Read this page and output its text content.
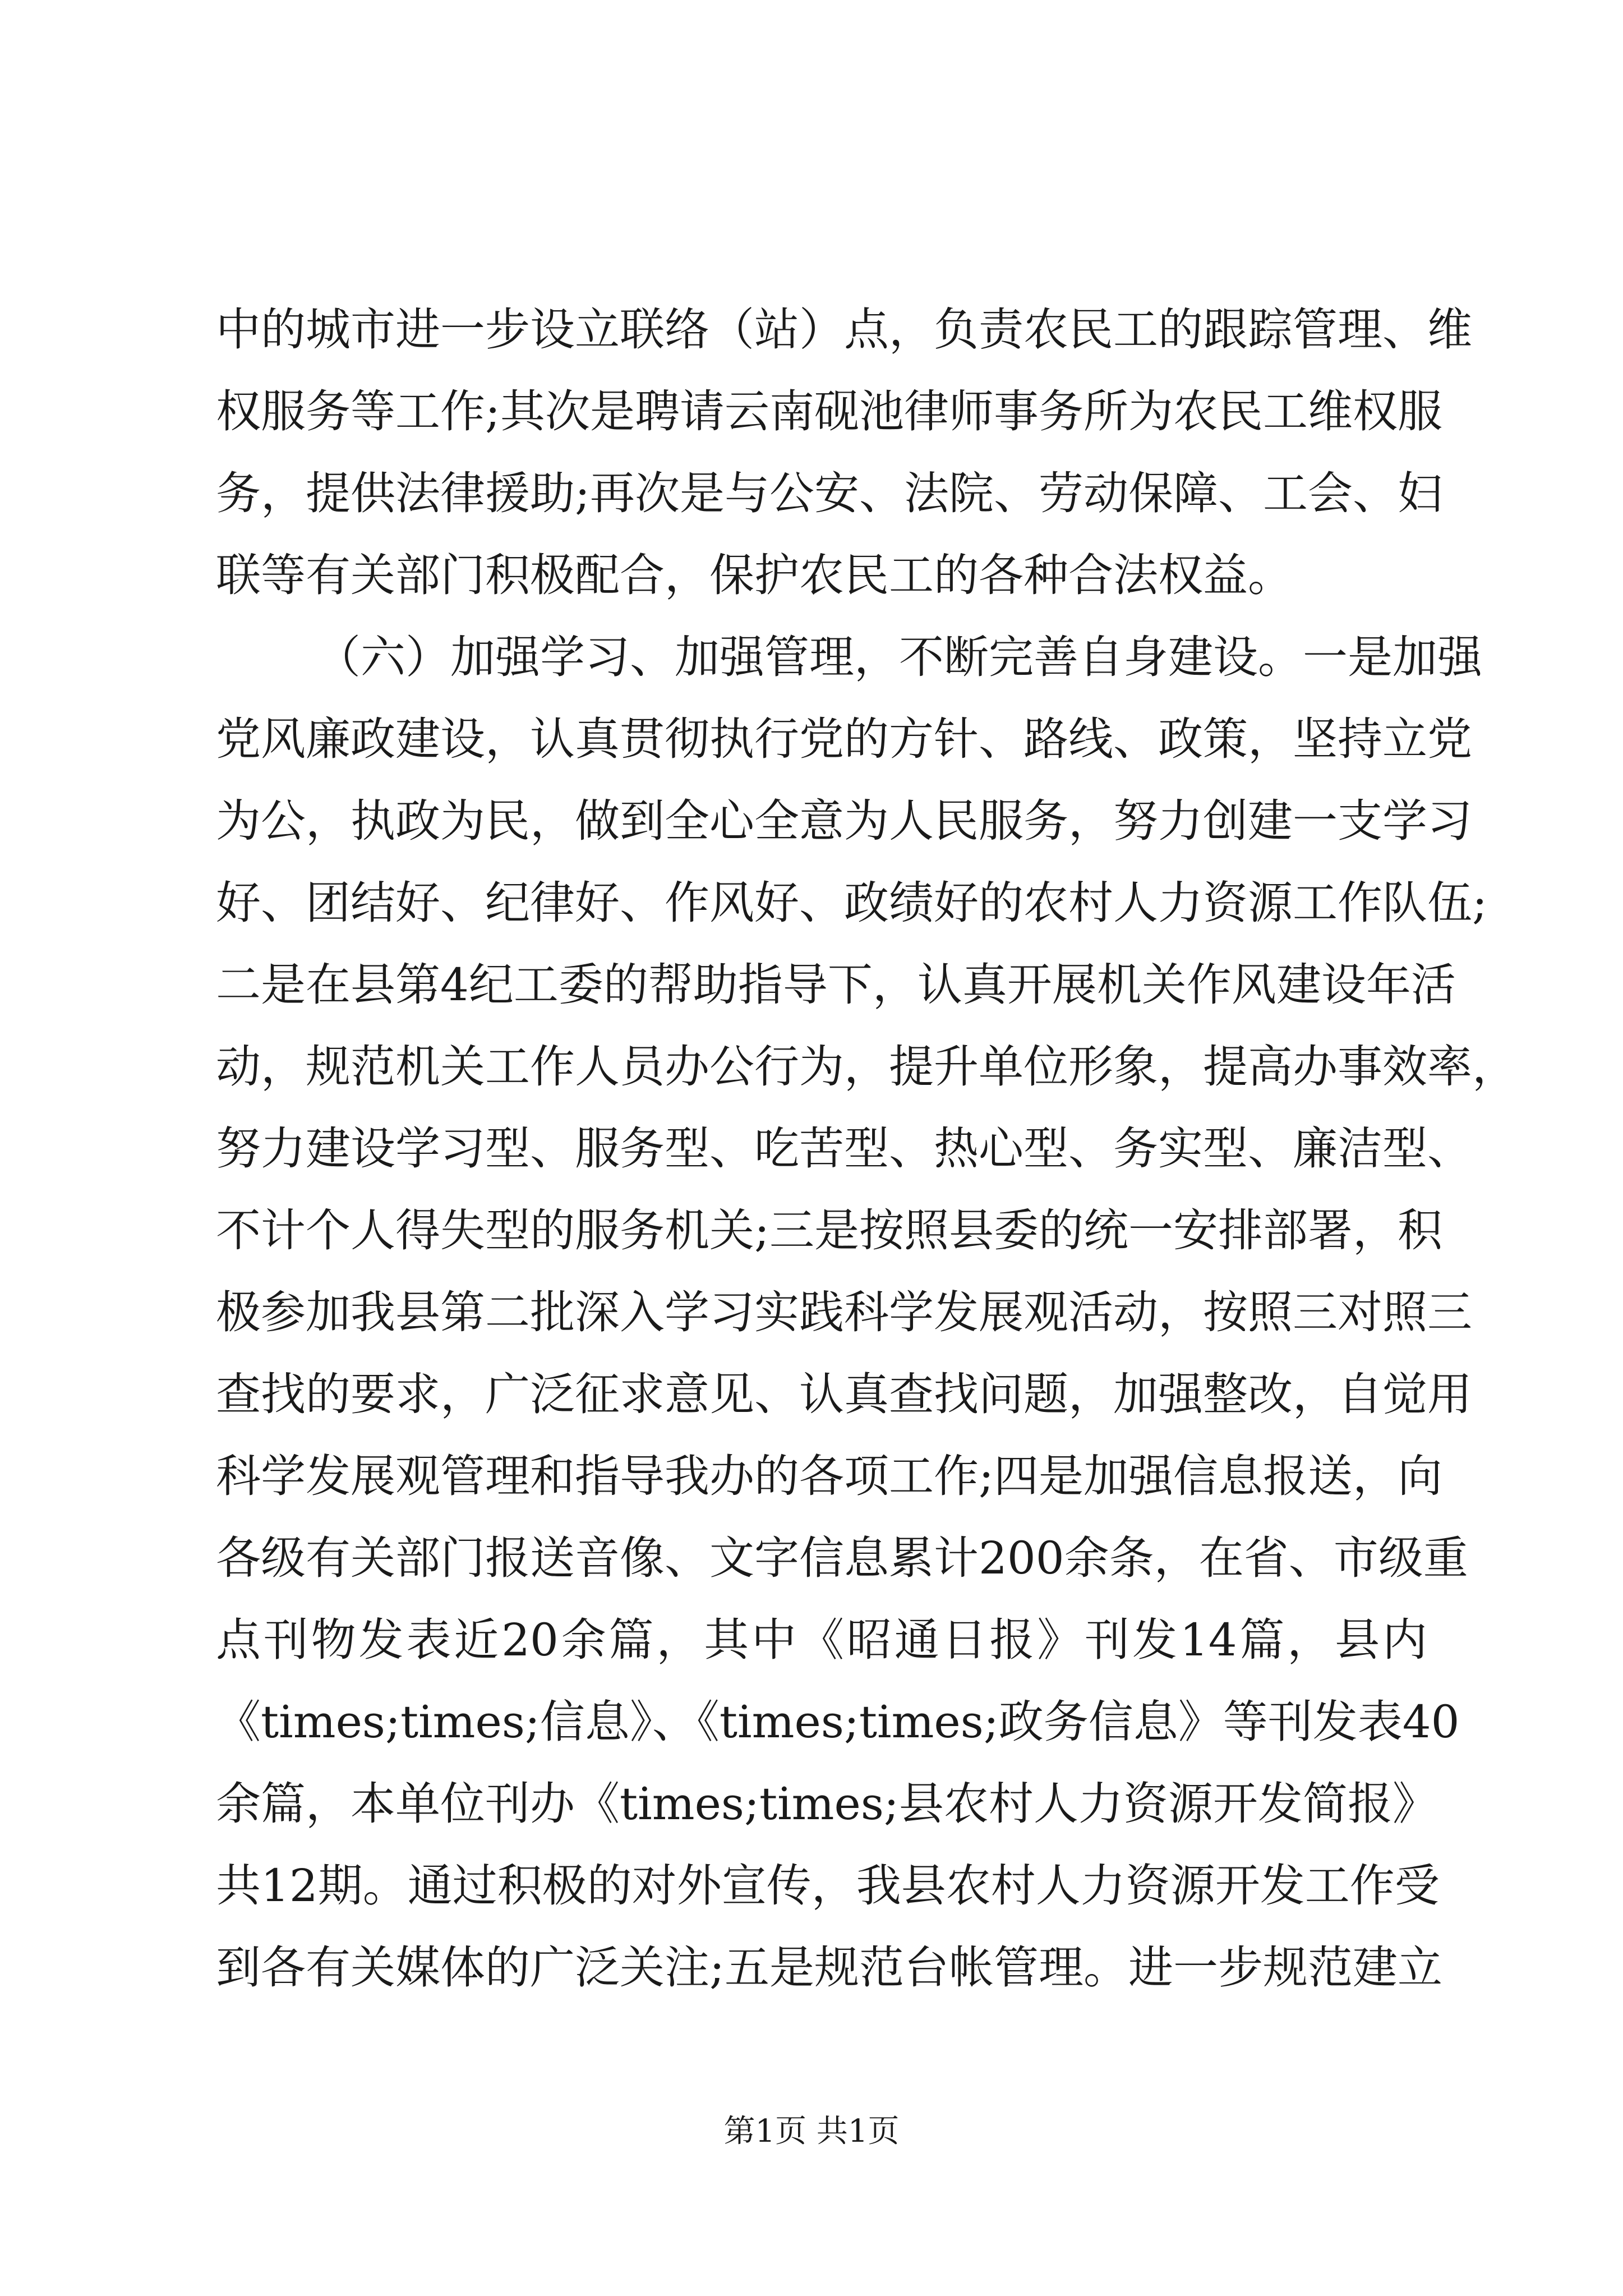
中的城市进一步设立联络（站）点，负责农民工的跟踪管理、维
权服务等工作;其次是聘请云南砚池律师事务所为农民工维权服
务，提供法律援助;再次是与公安、法院、劳动保障、工会、妇
联等有关部门积极配合，保护农民工的各种合法权益。
（六）加强学习、加强管理，不断完善自身建设。一是加强
党风廉政建设，认真贯彻执行党的方针、路线、政策，坚持立党
为公，执政为民，做到全心全意为人民服务，努力创建一支学习
好、团结好、纪律好、作风好、政绩好的农村人力资源工作队伍;
二是在县第4纪工委的帮助指导下，认真开展机关作风建设年活
动，规范机关工作人员办公行为，提升单位形象，提高办事效率，
努力建设学习型、服务型、吃苦型、热心型、务实型、廉洁型、
不计个人得失型的服务机关;三是按照县委的统一安排部署，积
极参加我县第二批深入学习实践科学发展观活动，按照三对照三
查找的要求，广泛征求意见、认真查找问题，加强整改，自觉用
科学发展观管理和指导我办的各项工作;四是加强信息报送，向
各级有关部门报送音像、文字信息累计200余条，在省、市级重
点刊物发表近20余篇，其中《昭通日报》刊发14篇，县内
《times;times;信息》、《times;times;政务信息》等刊发表40
余篇，本单位刊办《times;times;县农村人力资源开发简报》
共12期。通过积极的对外宣传，我县农村人力资源开发工作受
到各有关媒体的广泛关注;五是规范台帐管理。进一步规范建立
第1页 共1页
